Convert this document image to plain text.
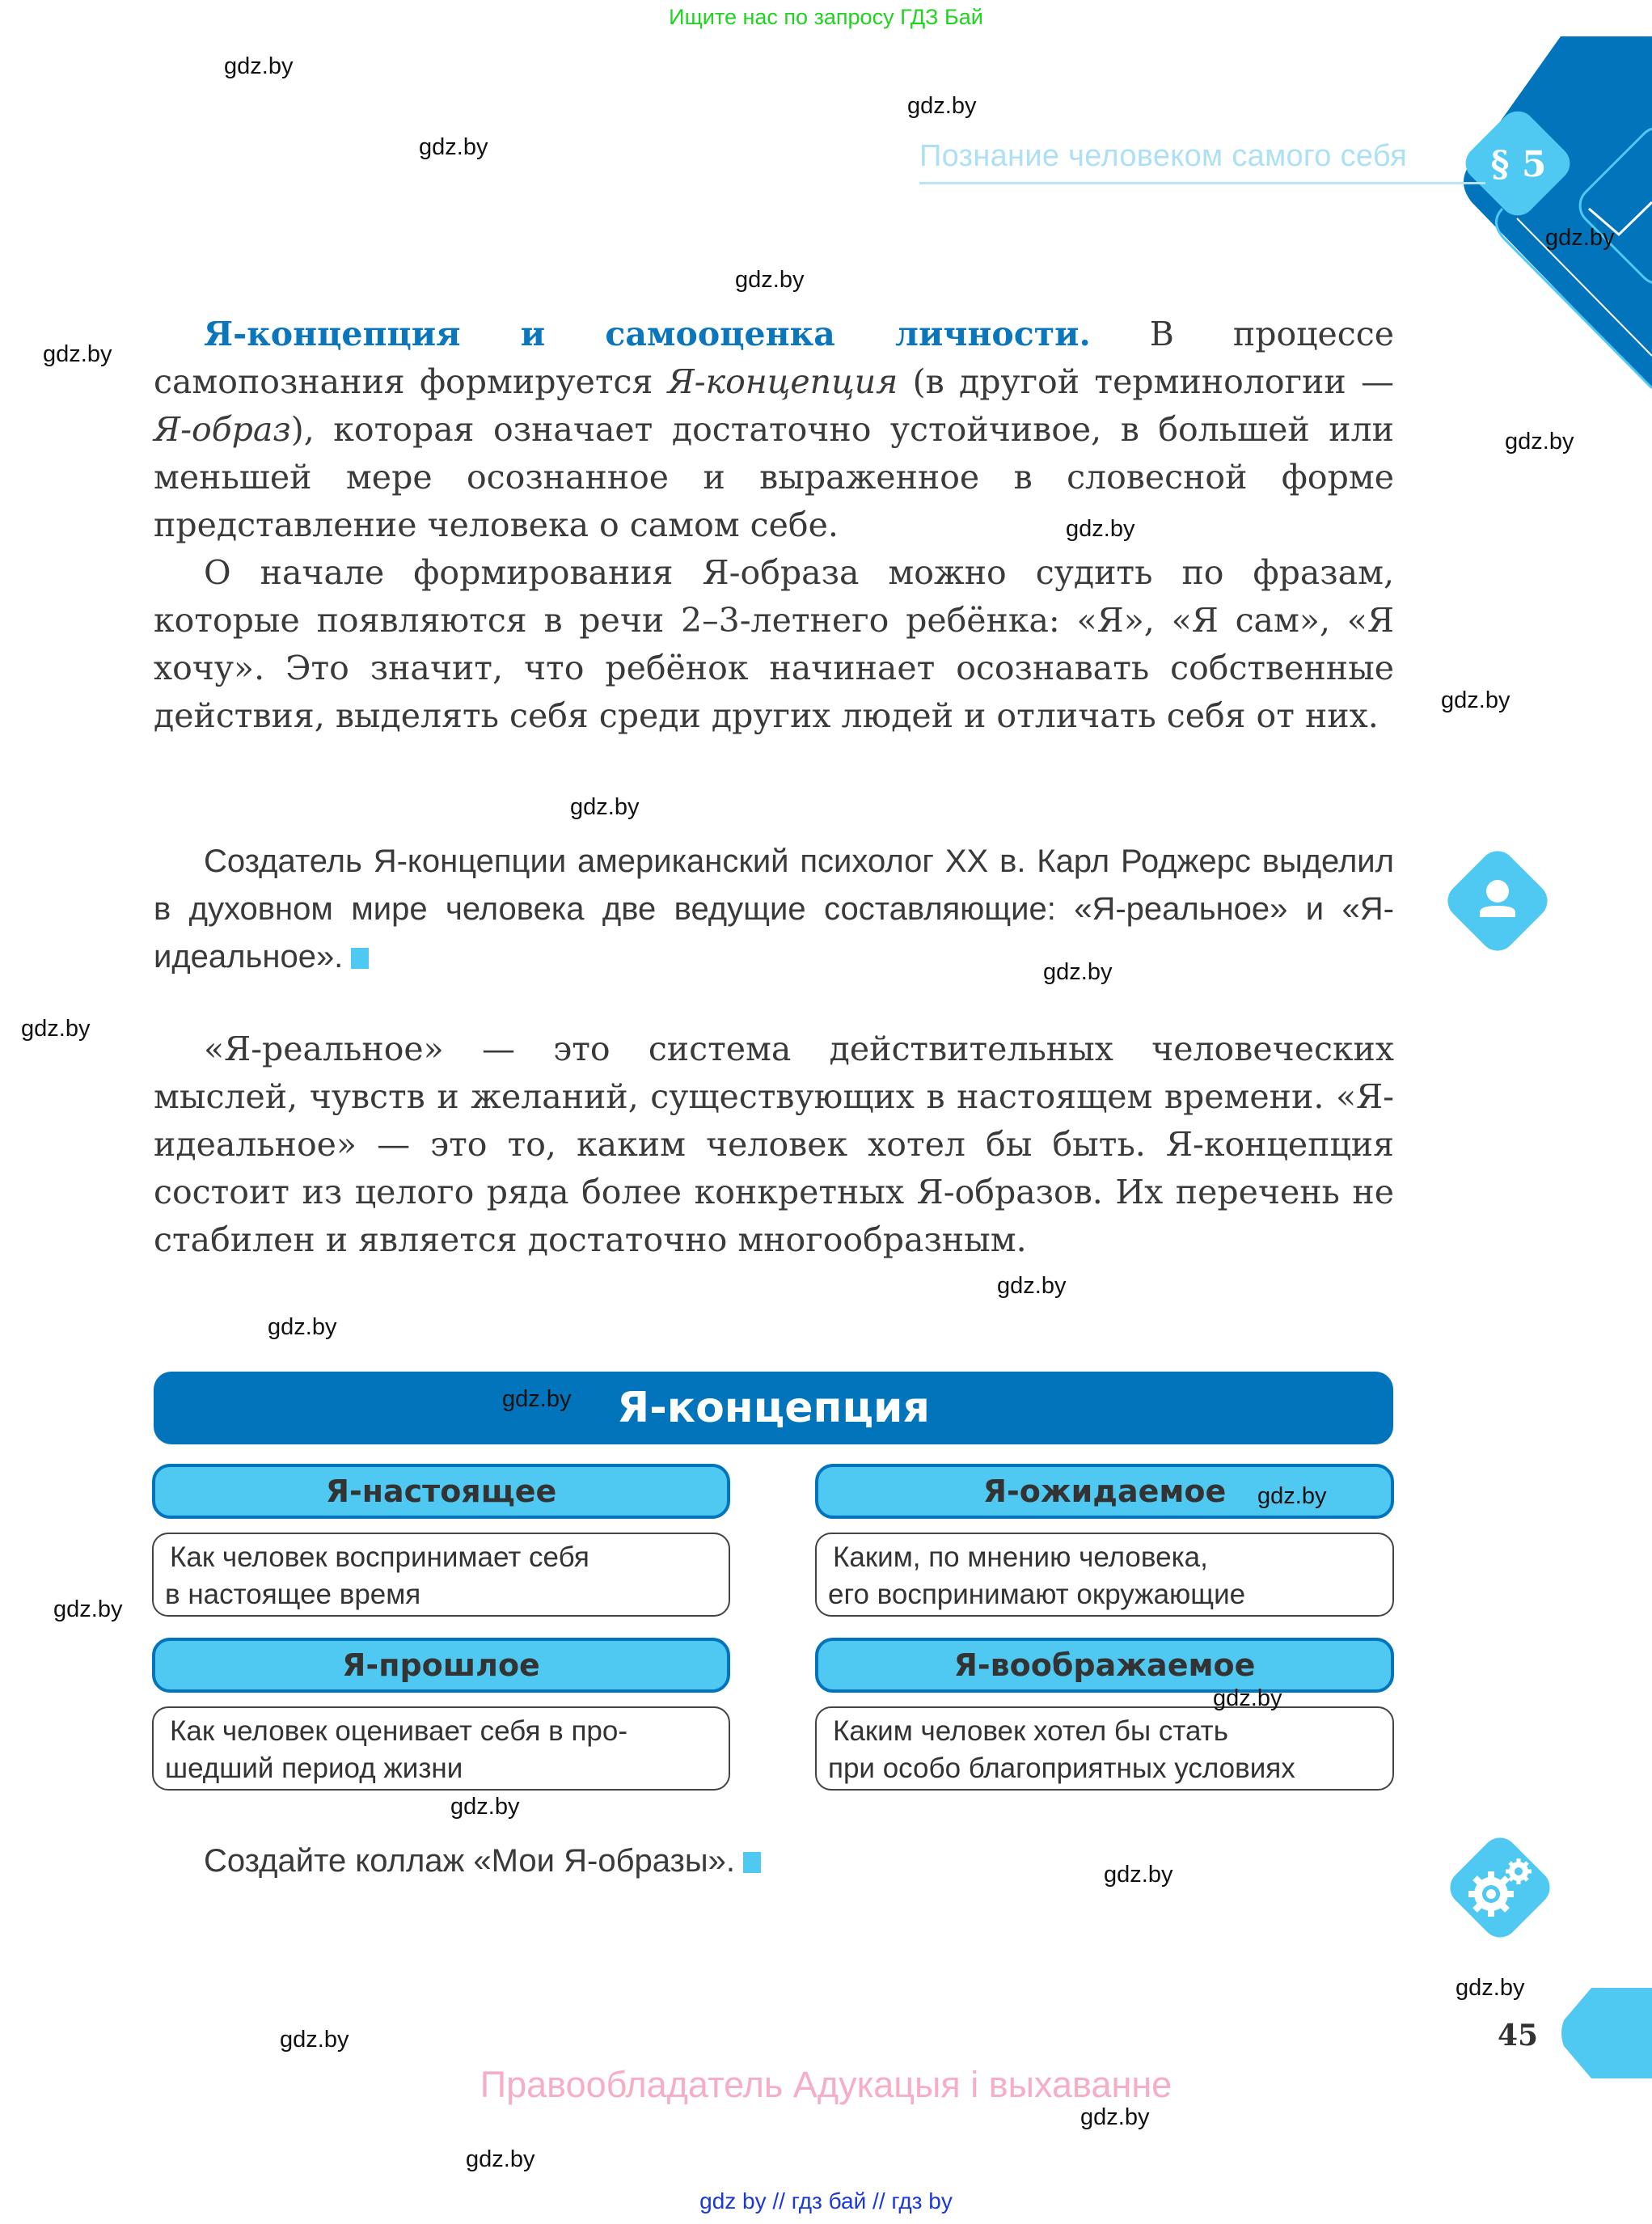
Ищите нас по запросу ГДЗ Бай
§ 5
Познание человеком самого себя

Я-концепция и самооценка личности. В процессе самопознания формируется Я-концепция (в другой терминологии — Я-образ), которая означает достаточно устойчивое, в большей или меньшей мере осознанное и выраженное в словесной форме представление человека о самом себе.

О начале формирования Я-образа можно судить по фразам, которые появляются в речи 2–3-летнего ребёнка: «Я», «Я сам», «Я хочу». Это значит, что ребёнок начинает осознавать собственные действия, выделять себя среди других людей и отличать себя от них.

Создатель Я-концепции американский психолог XX в. Карл Роджерс выделил в духовном мире человека две ведущие составляющие: «Я-реальное» и «Я-идеальное».

«Я-реальное» — это система действительных человеческих мыслей, чувств и желаний, существующих в настоящем времени. «Я-идеальное» — это то, каким человек хотел бы быть. Я-концепция состоит из целого ряда более конкретных Я-образов. Их перечень не стабилен и является достаточно многообразным.

Я-концепция
Я-настоящее	Я-ожидаемое
Как человек воспринимает себя
в настоящее время
Каким, по мнению человека,
его воспринимают окружающие
Я-прошлое	Я-воображаемое
Как человек оценивает себя в про-
шедший период жизни
Каким человек хотел бы стать
при особо благоприятных условиях

Создайте коллаж «Мои Я-образы».

45
Правообладатель Адукацыя і выхаванне
gdz by // гдз бай // гдз by
gdz.by
gdz.by
gdz.by
gdz.by
gdz.by
gdz.by
gdz.by
gdz.by
gdz.by
gdz.by
gdz.by
gdz.by
gdz.by
gdz.by
gdz.by
gdz.by
gdz.by
gdz.by
gdz.by
gdz.by
gdz.by
gdz.by
gdz.by
gdz.by
